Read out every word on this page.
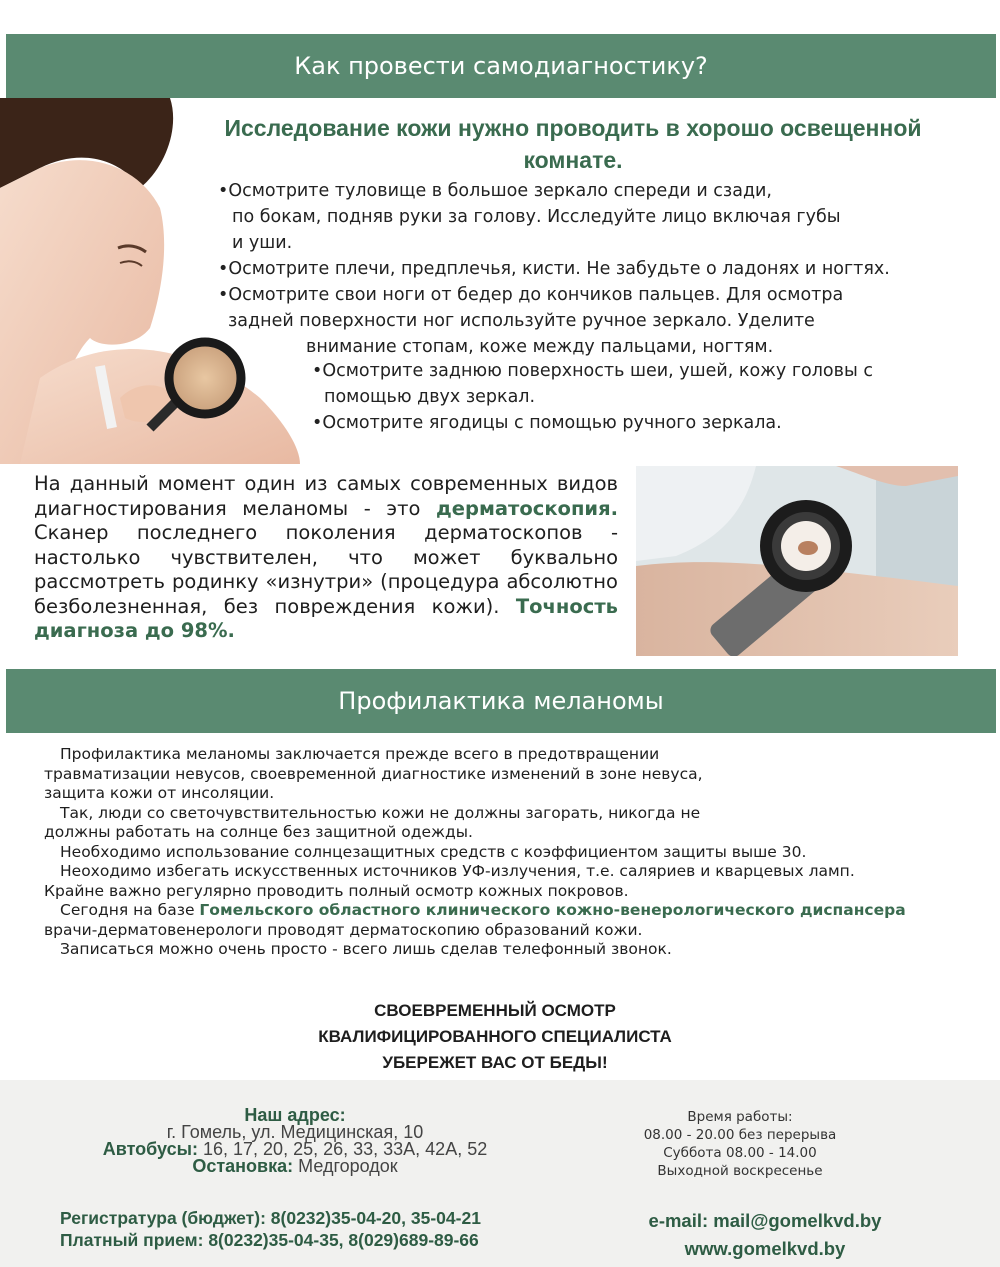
Как провести самодиагностику?
Исследование кожи нужно проводить в хорошо освещенной
комнате.
•Осмотрите туловище в большое зеркало спереди и сзади,
по бокам, подняв руки за голову. Исследуйте лицо включая губы
и уши.
•Осмотрите плечи, предплечья, кисти. Не забудьте о ладонях и ногтях.
•Осмотрите свои ноги от бедер до кончиков пальцев. Для осмотра
задней поверхности ног используйте ручное зеркало. Уделите
внимание стопам, коже между пальцами, ногтям.
•Осмотрите заднюю поверхность шеи, ушей, кожу головы с
помощью двух зеркал.
•Осмотрите ягодицы с помощью ручного зеркала.
На данный момент один из самых современных видов диагностирования меланомы - это дерматоскопия. Сканер последнего поколения дерматоскопов - настолько чувствителен, что может буквально рассмотреть родинку «изнутри» (процедура абсолютно безболезненная, без повреждения кожи). Точность диагноза до 98%.
Профилактика меланомы

Профилактика меланомы заключается прежде всего в предотвращении

травматизации невусов, своевременной диагностике изменений в зоне невуса,

защита кожи от инсоляции.

Так, люди со светочувствительностью кожи не должны загорать, никогда не

должны работать на солнце без защитной одежды.

Необходимо использование солнцезащитных средств с коэффициентом защиты выше 30.

Неоходимо избегать искусственных источников УФ-излучения, т.е. саляриев и кварцевых ламп.

Крайне важно регулярно проводить полный осмотр кожных покровов.

Сегодня на базе Гомельского областного клинического кожно-венерологического диспансера

врачи-дерматовенерологи проводят дерматоскопию образований кожи.

Записаться можно очень просто - всего лишь сделав телефонный звонок.

СВОЕВРЕМЕННЫЙ ОСМОТР
КВАЛИФИЦИРОВАННОГО СПЕЦИАЛИСТА
УБЕРЕЖЕТ ВАС ОТ БЕДЫ!
Наш адрес:
г. Гомель, ул. Медицинская, 10
Автобусы: 16, 17, 20, 25, 26, 33, 33А, 42А, 52
Остановка: Медгородок
Регистратура (бюджет): 8(0232)35-04-20, 35-04-21
Платный прием: 8(0232)35-04-35, 8(029)689-89-66
Время работы:
08.00 - 20.00 без перерыва
Суббота 08.00 - 14.00
Выходной воскресенье
e-mail: mail@gomelkvd.by
www.gomelkvd.by
